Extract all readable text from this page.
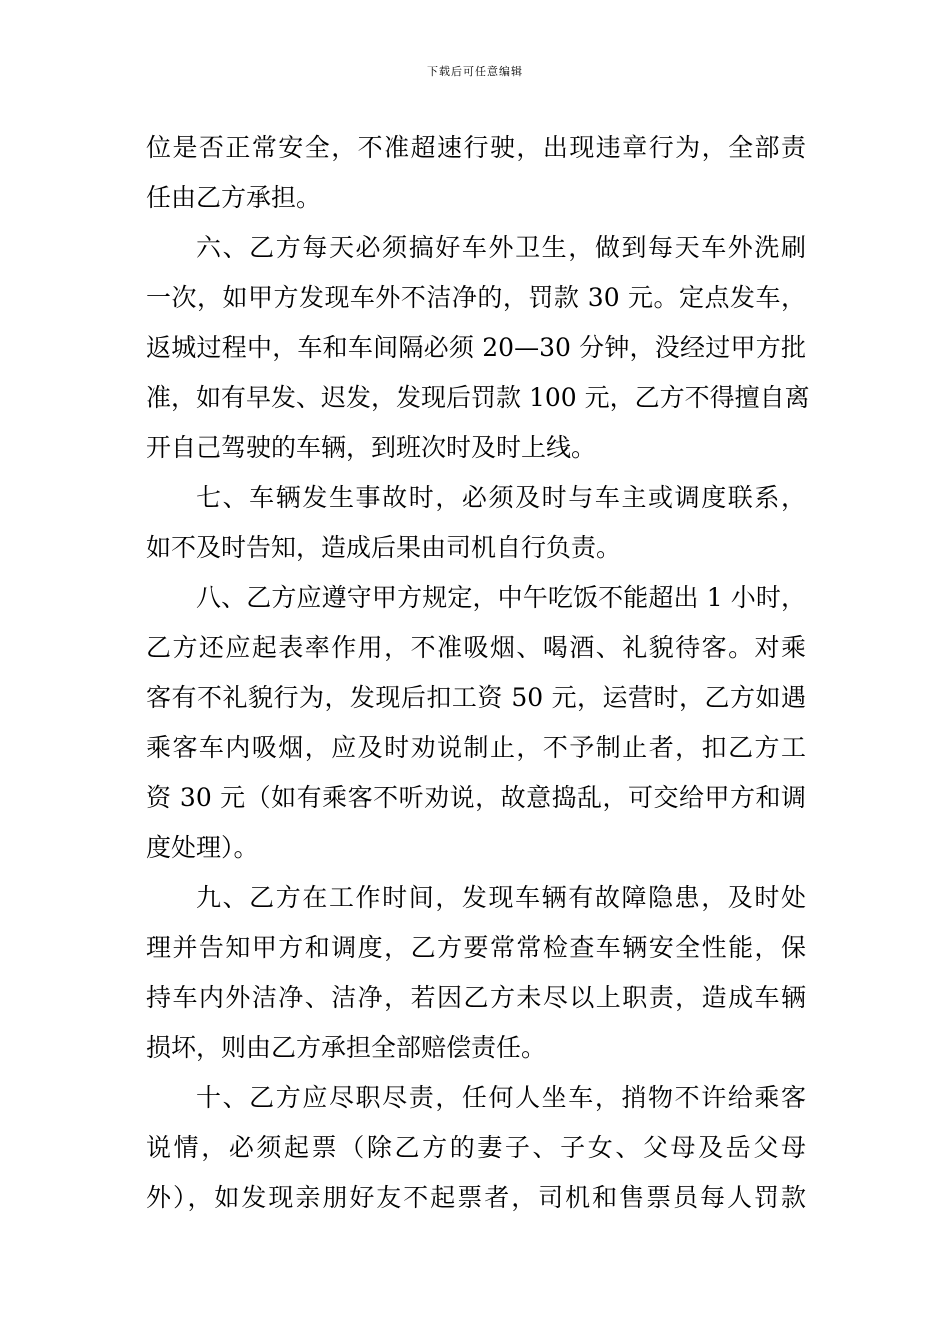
下载后可任意编辑
位是否正常安全，不准超速行驶，出现违章行为，全部责
任由乙方承担。
六、乙方每天必须搞好车外卫生，做到每天车外洗刷
一次，如甲方发现车外不洁净的，罚款 30 元。定点发车，
返城过程中，车和车间隔必须 20—30 分钟，没经过甲方批
准，如有早发、迟发，发现后罚款 100 元，乙方不得擅自离
开自己驾驶的车辆，到班次时及时上线。
七、车辆发生事故时，必须及时与车主或调度联系，
如不及时告知，造成后果由司机自行负责。
八、乙方应遵守甲方规定，中午吃饭不能超出 1 小时，
乙方还应起表率作用，不准吸烟、喝酒、礼貌待客。对乘
客有不礼貌行为，发现后扣工资 50 元，运营时，乙方如遇
乘客车内吸烟，应及时劝说制止，不予制止者，扣乙方工
资 30 元（如有乘客不听劝说，故意捣乱，可交给甲方和调
度处理）。
九、乙方在工作时间，发现车辆有故障隐患，及时处
理并告知甲方和调度，乙方要常常检查车辆安全性能，保
持车内外洁净、洁净，若因乙方未尽以上职责，造成车辆
损坏，则由乙方承担全部赔偿责任。
十、乙方应尽职尽责，任何人坐车，捎物不许给乘客
说情，必须起票（除乙方的妻子、子女、父母及岳父母
外），如发现亲朋好友不起票者，司机和售票员每人罚款
